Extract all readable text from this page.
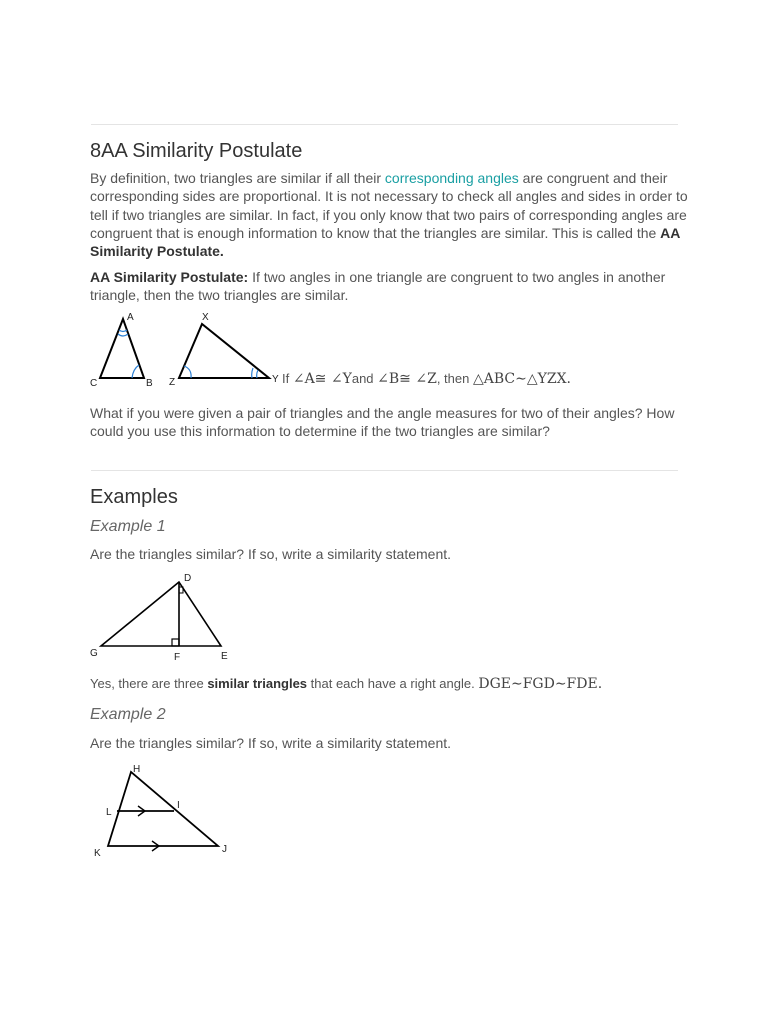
8AA Similarity Postulate

By definition, two triangles are similar if all their corresponding angles are congruent and their corresponding sides are proportional. It is not necessary to check all angles and sides in order to tell if two triangles are similar. In fact, if you only know that two pairs of corresponding angles are congruent that is enough information to know that the triangles are similar. This is called the AA Similarity Postulate.

AA Similarity Postulate: If two angles in one triangle are congruent to two angles in another triangle, then the two triangles are similar.

A
C	B
X
Z	Y If ∠A≅ ∠Yand ∠B≅ ∠Z, then △ABC∼△YZX.

What if you were given a pair of triangles and the angle measures for two of their angles? How could you use this information to determine if the two triangles are similar?

Examples
Example 1

Are the triangles similar? If so, write a similarity statement.

D
G	F	E

Yes, there are three similar triangles that each have a right angle. DGE∼FGD∼FDE.

Example 2

Are the triangles similar? If so, write a similarity statement.

H
L
I
K	J
